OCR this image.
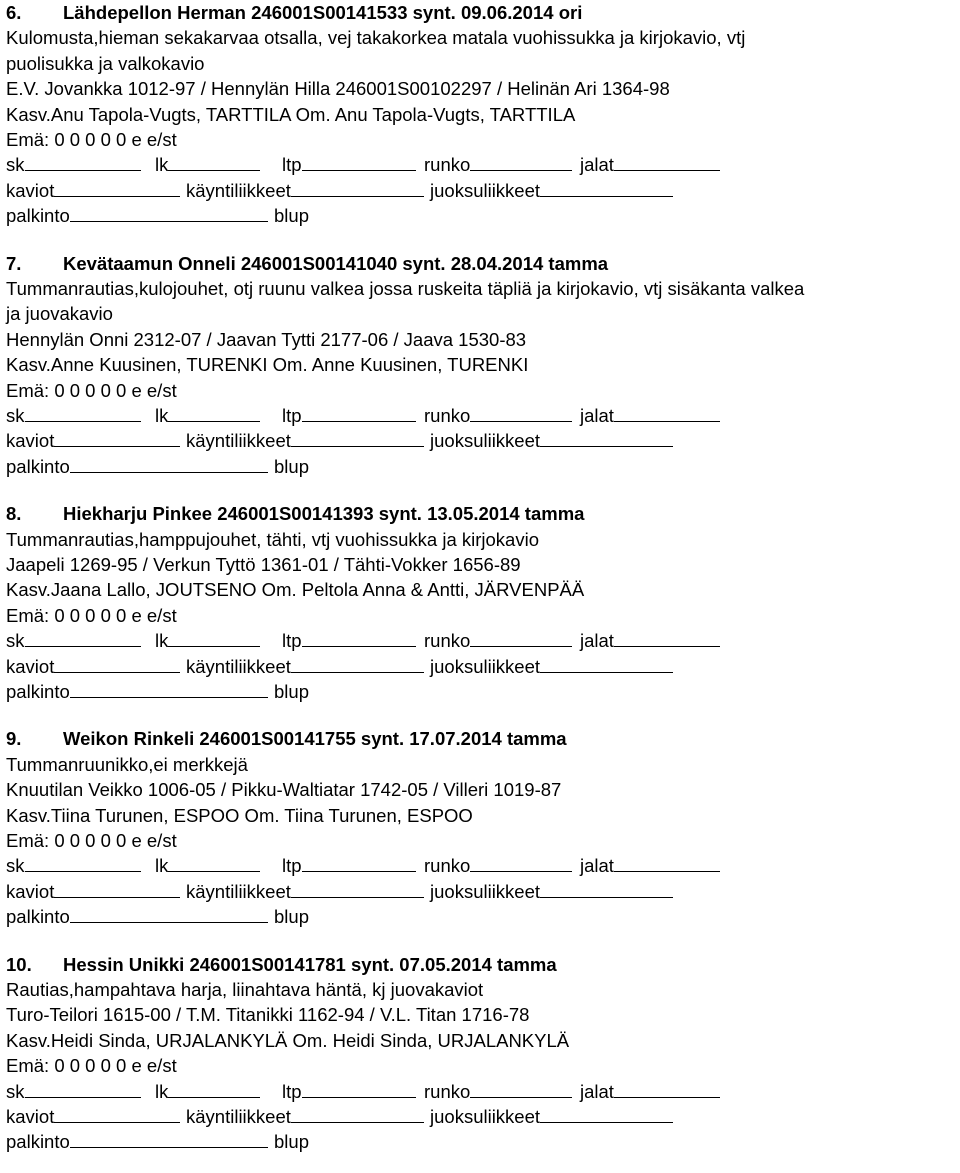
6. Lähdepellon Herman 246001S00141533 synt. 09.06.2014 ori
Kulomusta,hieman sekakarvaa otsalla, vej takakorkea matala vuohissukka ja kirjokavio, vtj
puolisukka ja valkokavio
E.V. Jovankka 1012-97 / Hennylän Hilla 246001S00102297 / Helinän Ari 1364-98
Kasv.Anu Tapola-Vugts, TARTTILA Om. Anu Tapola-Vugts, TARTTILA
Emä: 0 0 0 0 0 e e/st
sk	lk	ltp	runko	jalat
kaviot	käyntiliikkeet	juoksuliikkeet
palkinto	blup
7. Kevätaamun Onneli 246001S00141040 synt. 28.04.2014 tamma
Tummanrautias,kulojouhet, otj ruunu valkea jossa ruskeita täpliä ja kirjokavio, vtj sisäkanta valkea
ja juovakavio
Hennylän Onni 2312-07 / Jaavan Tytti 2177-06 / Jaava 1530-83
Kasv.Anne Kuusinen, TURENKI Om. Anne Kuusinen, TURENKI
Emä: 0 0 0 0 0 e e/st
sk	lk	ltp	runko	jalat
kaviot	käyntiliikkeet	juoksuliikkeet
palkinto	blup
8. Hiekharju Pinkee 246001S00141393 synt. 13.05.2014 tamma
Tummanrautias,hamppujouhet, tähti, vtj vuohissukka ja kirjokavio
Jaapeli 1269-95 / Verkun Tyttö 1361-01 / Tähti-Vokker 1656-89
Kasv.Jaana Lallo, JOUTSENO Om. Peltola Anna & Antti, JÄRVENPÄÄ
Emä: 0 0 0 0 0 e e/st
sk	lk	ltp	runko	jalat
kaviot	käyntiliikkeet	juoksuliikkeet
palkinto	blup
9. Weikon Rinkeli 246001S00141755 synt. 17.07.2014 tamma
Tummanruunikko,ei merkkejä
Knuutilan Veikko 1006-05 / Pikku-Waltiatar 1742-05 / Villeri 1019-87
Kasv.Tiina Turunen, ESPOO Om. Tiina Turunen, ESPOO
Emä: 0 0 0 0 0 e e/st
sk	lk	ltp	runko	jalat
kaviot	käyntiliikkeet	juoksuliikkeet
palkinto	blup
10. Hessin Unikki 246001S00141781 synt. 07.05.2014 tamma
Rautias,hampahtava harja, liinahtava häntä, kj juovakaviot
Turo-Teilori 1615-00 / T.M. Titanikki 1162-94 / V.L. Titan 1716-78
Kasv.Heidi Sinda, URJALANKYLÄ Om. Heidi Sinda, URJALANKYLÄ
Emä: 0 0 0 0 0 e e/st
sk	lk	ltp	runko	jalat
kaviot	käyntiliikkeet	juoksuliikkeet
palkinto	blup
